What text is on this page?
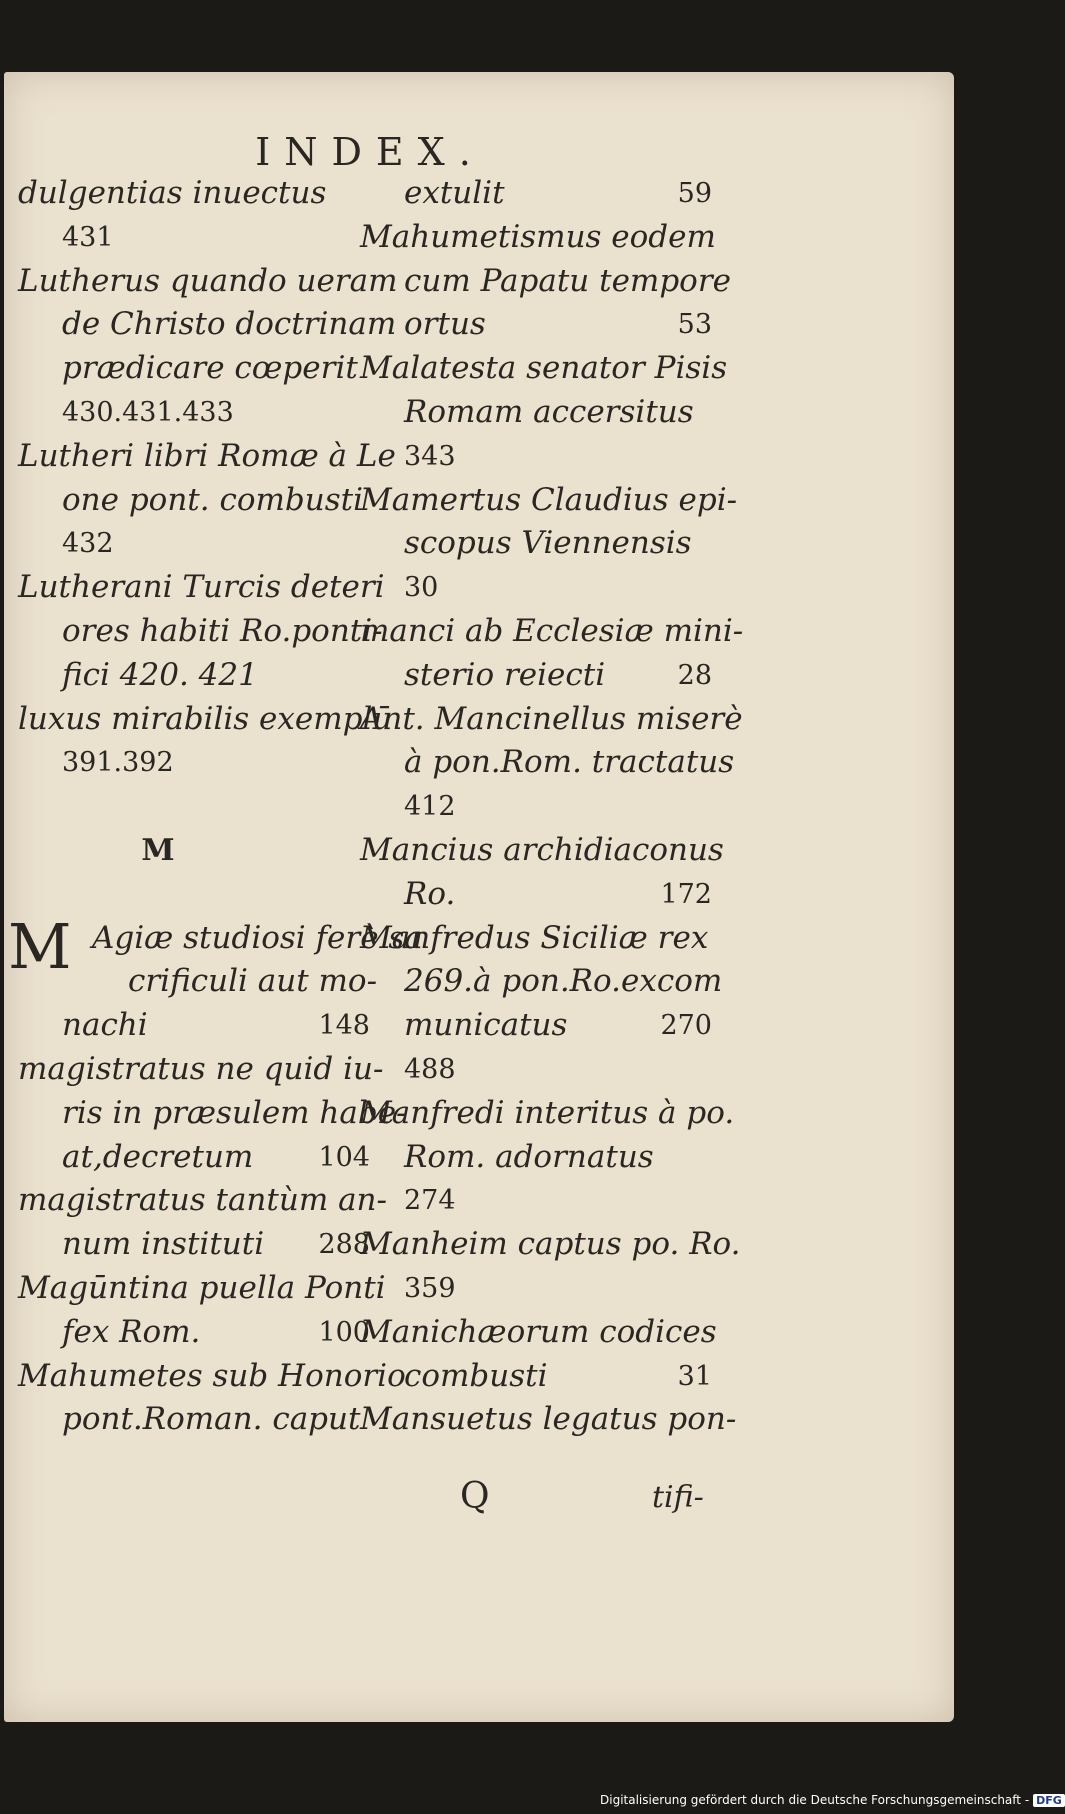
INDEX.
dulgentias inuectus
431
Lutherus quando ueram
de Christo doctrinam
prædicare cœperit
430.431.433
Lutheri libri Romæ à Le
one pont. combusti
432
Lutherani Turcis deteri
ores habiti Ro.ponti-
fici 420. 421
luxus mirabilis exemplū
391.392
M
M Agiæ studiosi ferè sa
crificuli aut mo-
nachi	148
magistratus ne quid iu-
ris in præsulem habe-
at,decretum 104
magistratus tantùm an-
num instituti 288
Magūntina puella Ponti
fex Rom.	100
Mahumetes sub Honorio
pont.Roman. caput
extulit	59
Mahumetismus eodem
cum Papatu tempore
ortus	53
Malatesta senator Pisis
Romam accersitus
343
Mamertus Claudius epi-
scopus Viennensis
30
manci ab Ecclesiæ mini-
sterio reiecti	28
Ant. Mancinellus miserè
à pon.Rom. tractatus
412
Mancius archidiaconus
Ro.	172
Manfredus Siciliæ rex
269.à pon.Ro.excom
municatus	270
488
Manfredi interitus à po.
Rom. adornatus
274
Manheim captus po. Ro.
359
Manichæorum codices
combusti	31
Mansuetus legatus pon-
Q	tifi-
Digitalisierung gefördert durch die Deutsche Forschungsgemeinschaft - DFG
